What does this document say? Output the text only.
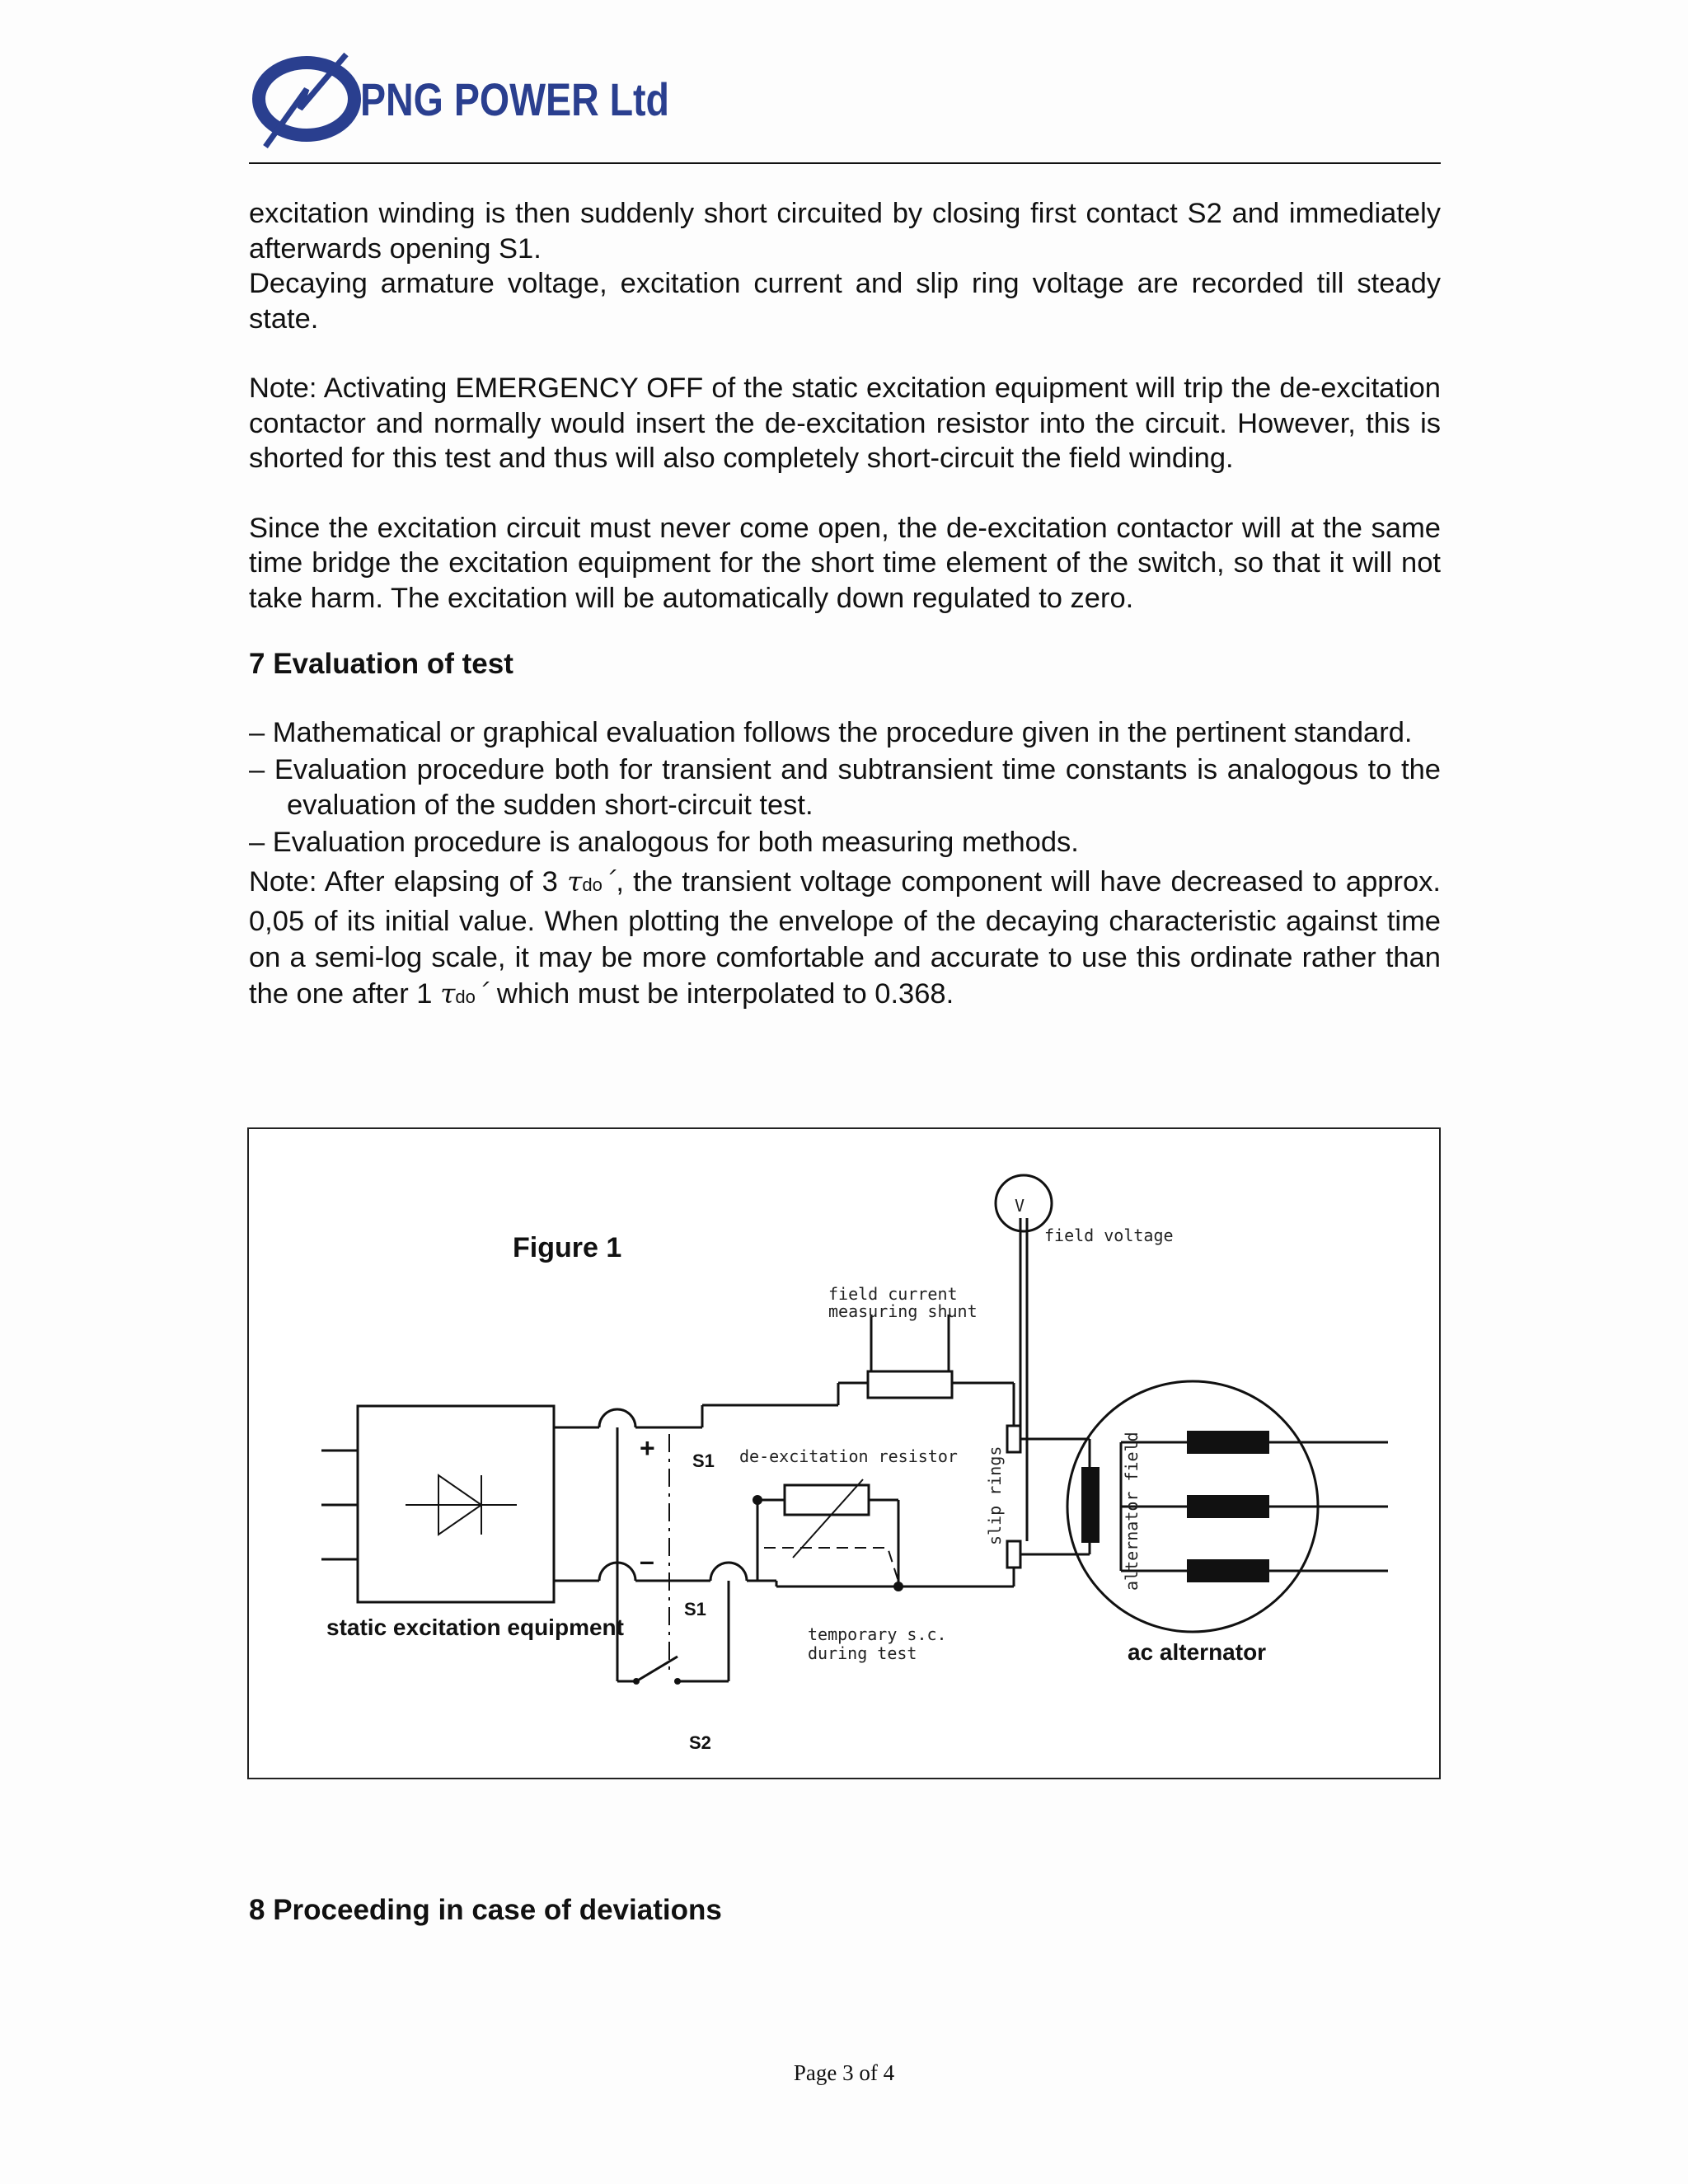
PNG POWER Ltd

excitation winding is then suddenly short circuited by closing first contact S2 and immediately afterwards opening S1.

Decaying armature voltage, excitation current and slip ring voltage are recorded till steady state.

Note: Activating EMERGENCY OFF of the static excitation equipment will trip the de-excitation contactor and normally would insert the de-excitation resistor into the circuit. However, this is shorted for this test and thus will also completely short-circuit the field winding.

Since the excitation circuit must never come open, the de-excitation contactor will at the same time bridge the excitation equipment for the short time element of the switch, so that it will not take harm. The excitation will be automatically down regulated to zero.

7 Evaluation of test

– Mathematical or graphical evaluation follows the procedure given in the pertinent standard.

– Evaluation procedure both for transient and subtransient time constants is analogous to the evaluation of the sudden short-circuit test.

– Evaluation procedure is analogous for both measuring methods.

Note: After elapsing of 3 τdo´, the transient voltage component will have decreased to approx. 0,05 of its initial value. When plotting the envelope of the decaying characteristic against time on a semi-log scale, it may be more comfortable and accurate to use this ordinate rather than the one after 1 τdo´ which must be interpolated to 0.368.

Figure 1
V
field voltage
field current
measuring shunt
de-excitation resistor slip rings	alternator field
+
–
S1
S1
S2
temporary s.c.
during test
static excitation equipment
ac alternator
8 Proceeding in case of deviations
Page 3 of 4
